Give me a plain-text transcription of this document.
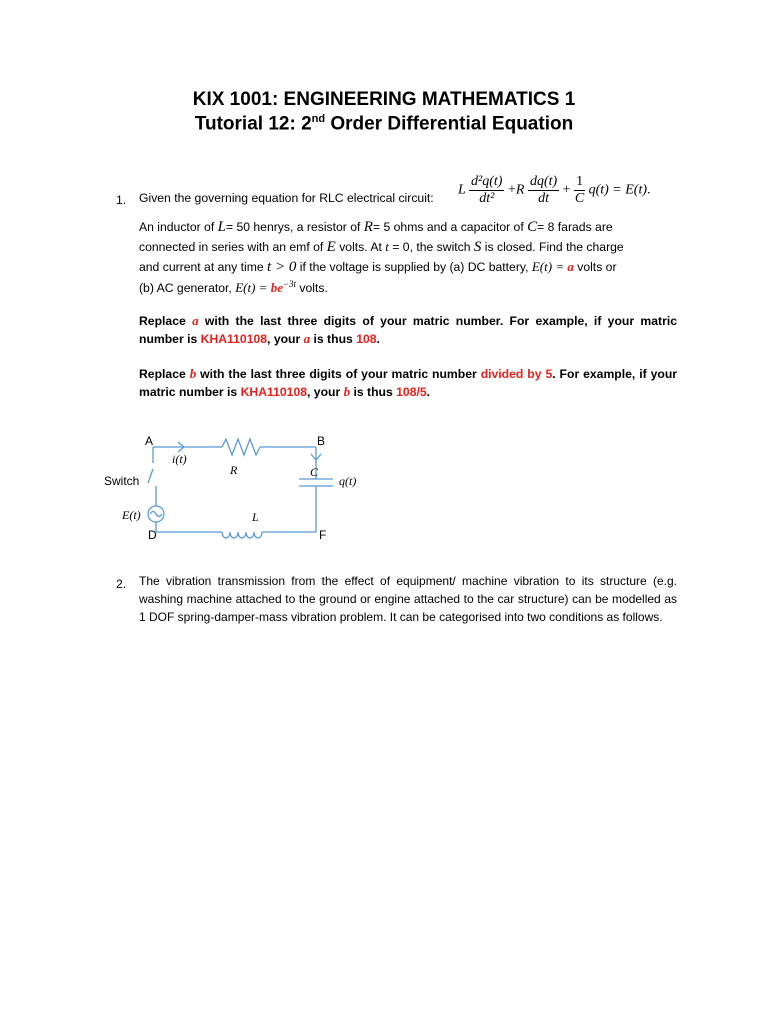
KIX 1001: ENGINEERING MATHEMATICS 1
Tutorial 12: 2nd Order Differential Equation
1. Given the governing equation for RLC electrical circuit:
L $\frac{\text{d²q(t)}}{\text{dt²}} +R \frac{dq(t)}{dt} + \frac{1}{C} q(t) = E(t)$.
An inductor of L= 50 henrys, a resistor of R= 5 ohms and a capacitor of C= 8 farads are
connected in series with an emf of E volts. At t = 0, the switch S is closed. Find the charge
and current at any time t > 0 if the voltage is supplied by (a) DC battery, E(t) = a volts or
(b) AC generator, $E(t) = be^{-3t}$ volts.
Replace a with the last three digits of your matric number. For example, if your matric number is KHA110108, your a is thus 108.
Replace b with the last three digits of your matric number divided by 5. For example, if your matric number is KHA110108, your b is thus 108/5.
A	B
D	F
Switch
i(t)
R	C
q(t)
L
E(t)
2. The vibration transmission from the effect of equipment/ machine vibration to its structure (e.g. washing machine attached to the ground or engine attached to the car structure) can be modelled as 1 DOF spring-damper-mass vibration problem. It can be categorised into two conditions as follows.
